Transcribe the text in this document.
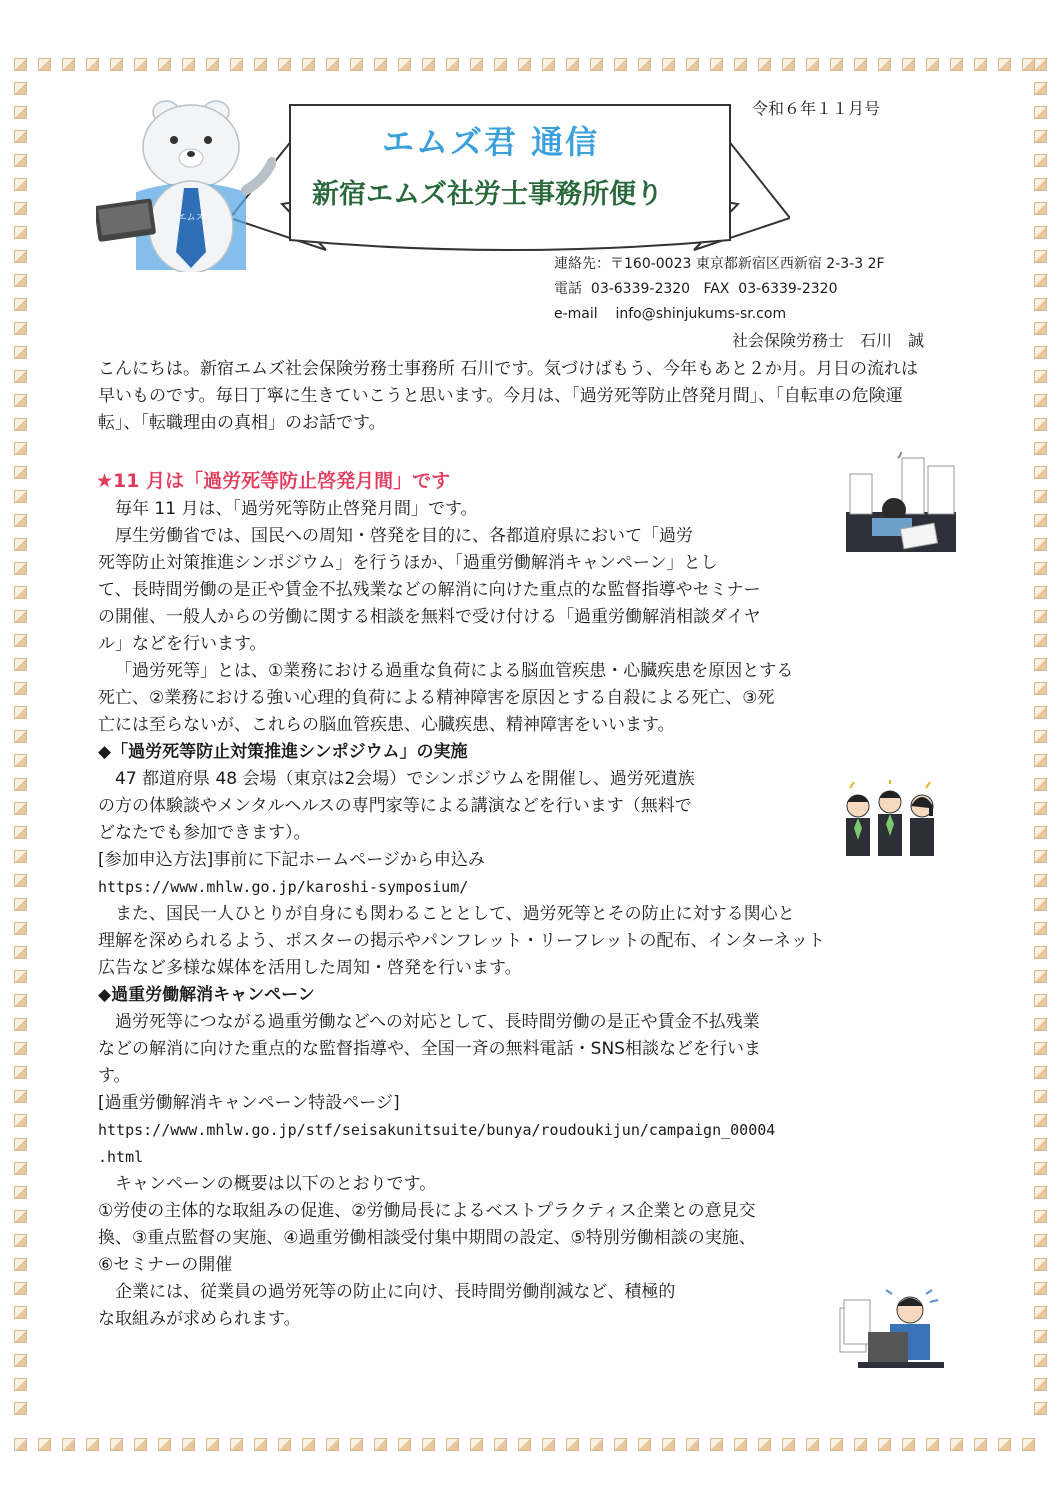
令和６年１１月号
エムズ
エムズ君 通信
新宿エムズ社労士事務所便り
連絡先：〒160-0023 東京都新宿区西新宿 2-3-3 2F
電話 03-6339-2320 FAX 03-6339-2320
e-mail info@shinjukums-sr.com
社会保険労務士　石川　誠
こんにちは。新宿エムズ社会保険労務士事務所 石川です。気づけばもう、今年もあと２か月。月日の流れは
早いものです。毎日丁寧に生きていこうと思います。今月は、「過労死等防止啓発月間」、「自転車の危険運
転」、「転職理由の真相」のお話です。
★11 月は「過労死等防止啓発月間」です
毎年 11 月は、「過労死等防止啓発月間」です。
厚生労働省では、国民への周知・啓発を目的に、各都道府県において「過労
死等防止対策推進シンポジウム」を行うほか、「過重労働解消キャンペーン」とし
て、長時間労働の是正や賃金不払残業などの解消に向けた重点的な監督指導やセミナー
の開催、一般人からの労働に関する相談を無料で受け付ける「過重労働解消相談ダイヤ
ル」などを行います。
「過労死等」とは、①業務における過重な負荷による脳血管疾患・心臓疾患を原因とする
死亡、②業務における強い心理的負荷による精神障害を原因とする自殺による死亡、③死
亡には至らないが、これらの脳血管疾患、心臓疾患、精神障害をいいます。
◆「過労死等防止対策推進シンポジウム」の実施
47 都道府県 48 会場（東京は2会場）でシンポジウムを開催し、過労死遺族
の方の体験談やメンタルヘルスの専門家等による講演などを行います（無料で
どなたでも参加できます）。
[参加申込方法]事前に下記ホームページから申込み
https://www.mhlw.go.jp/karoshi-symposium/
また、国民一人ひとりが自身にも関わることとして、過労死等とその防止に対する関心と
理解を深められるよう、ポスターの掲示やパンフレット・リーフレットの配布、インターネット
広告など多様な媒体を活用した周知・啓発を行います。
◆過重労働解消キャンペーン
過労死等につながる過重労働などへの対応として、長時間労働の是正や賃金不払残業
などの解消に向けた重点的な監督指導や、全国一斉の無料電話・SNS相談などを行いま
す。
[過重労働解消キャンペーン特設ページ]
https://www.mhlw.go.jp/stf/seisakunitsuite/bunya/roudoukijun/campaign_00004
.html
キャンペーンの概要は以下のとおりです。
①労使の主体的な取組みの促進、②労働局長によるベストプラクティス企業との意見交
換、③重点監督の実施、④過重労働相談受付集中期間の設定、⑤特別労働相談の実施、
⑥セミナーの開催
企業には、従業員の過労死等の防止に向け、長時間労働削減など、積極的
な取組みが求められます。
